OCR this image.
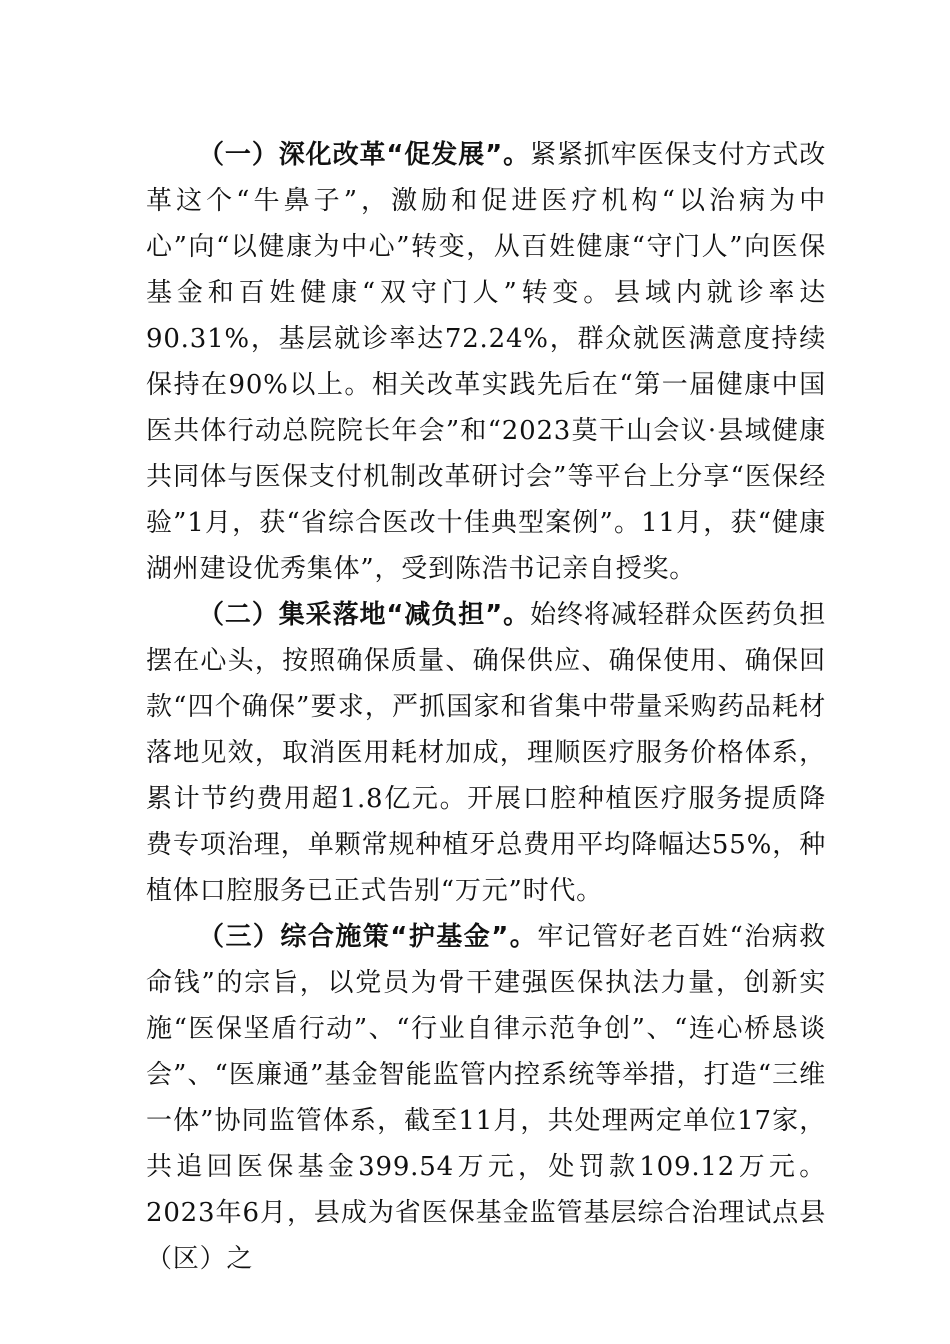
（一）深化改革“促发展”。紧紧抓牢医保支付方式改革这个“牛鼻子”，激励和促进医疗机构“以治病为中心”向“以健康为中心”转变，从百姓健康“守门人”向医保基金和百姓健康“双守门人”转变。县域内就诊率达90.31%，基层就诊率达72.24%，群众就医满意度持续保持在90%以上。相关改革实践先后在“第一届健康中国医共体行动总院院长年会”和“2023莫干山会议·县域健康共同体与医保支付机制改革研讨会”等平台上分享“医保经验”1月，获“省综合医改十佳典型案例”。11月，获“健康湖州建设优秀集体”，受到陈浩书记亲自授奖。

（二）集采落地“减负担”。始终将减轻群众医药负担摆在心头，按照确保质量、确保供应、确保使用、确保回款“四个确保”要求，严抓国家和省集中带量采购药品耗材落地见效，取消医用耗材加成，理顺医疗服务价格体系，累计节约费用超1.8亿元。开展口腔种植医疗服务提质降费专项治理，单颗常规种植牙总费用平均降幅达55%，种植体口腔服务已正式告别“万元”时代。

（三）综合施策“护基金”。牢记管好老百姓“治病救命钱”的宗旨，以党员为骨干建强医保执法力量，创新实施“医保坚盾行动”、“行业自律示范争创”、“连心桥恳谈会”、“医廉通”基金智能监管内控系统等举措，打造“三维一体”协同监管体系，截至11月，共处理两定单位17家，共追回医保基金399.54万元，处罚款109.12万元。2023年6月，县成为省医保基金监管基层综合治理试点县（区）之
